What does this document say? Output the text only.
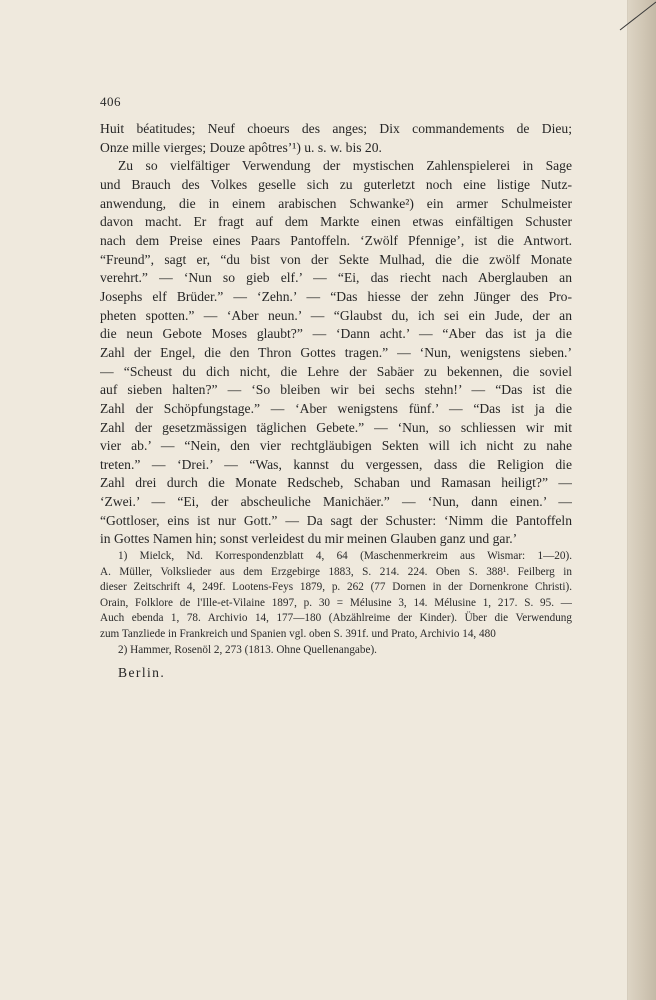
406
Huit béatitudes; Neuf choeurs des anges; Dix commandements de Dieu;
Onze mille vierges; Douze apôtres’¹) u. s. w. bis 20.
Zu so vielfältiger Verwendung der mystischen Zahlenspielerei in Sage
und Brauch des Volkes geselle sich zu guterletzt noch eine listige Nutz-
anwendung, die in einem arabischen Schwanke²) ein armer Schulmeister
davon macht. Er fragt auf dem Markte einen etwas einfältigen Schuster
nach dem Preise eines Paars Pantoffeln. ‘Zwölf Pfennige’, ist die Antwort.
“Freund”, sagt er, “du bist von der Sekte Mulhad, die die zwölf Monate
verehrt.” — ‘Nun so gieb elf.’ — “Ei, das riecht nach Aberglauben an
Josephs elf Brüder.” — ‘Zehn.’ — “Das hiesse der zehn Jünger des Pro-
pheten spotten.” — ‘Aber neun.’ — “Glaubst du, ich sei ein Jude, der an
die neun Gebote Moses glaubt?” — ‘Dann acht.’ — “Aber das ist ja die
Zahl der Engel, die den Thron Gottes tragen.” — ‘Nun, wenigstens sieben.’
— “Scheust du dich nicht, die Lehre der Sabäer zu bekennen, die soviel
auf sieben halten?” — ‘So bleiben wir bei sechs stehn!’ — “Das ist die
Zahl der Schöpfungstage.” — ‘Aber wenigstens fünf.’ — “Das ist ja die
Zahl der gesetzmässigen täglichen Gebete.” — ‘Nun, so schliessen wir mit
vier ab.’ — “Nein, den vier rechtgläubigen Sekten will ich nicht zu nahe
treten.” — ‘Drei.’ — “Was, kannst du vergessen, dass die Religion die
Zahl drei durch die Monate Redscheb, Schaban und Ramasan heiligt?” —
‘Zwei.’ — “Ei, der abscheuliche Manichäer.” — ‘Nun, dann einen.’ —
“Gottloser, eins ist nur Gott.” — Da sagt der Schuster: ‘Nimm die Pantoffeln
in Gottes Namen hin; sonst verleidest du mir meinen Glauben ganz und gar.’
1) Mielck, Nd. Korrespondenzblatt 4, 64 (Maschenmerkreim aus Wismar: 1—20).
A. Müller, Volkslieder aus dem Erzgebirge 1883, S. 214. 224. Oben S. 388¹. Feilberg in
dieser Zeitschrift 4, 249f. Lootens-Feys 1879, p. 262 (77 Dornen in der Dornenkrone Christi).
Orain, Folklore de l'Ille-et-Vilaine 1897, p. 30 = Mélusine 3, 14. Mélusine 1, 217. S. 95. —
Auch ebenda 1, 78. Archivio 14, 177—180 (Abzählreime der Kinder). Über die Verwendung
zum Tanzliede in Frankreich und Spanien vgl. oben S. 391f. und Prato, Archivio 14, 480
2) Hammer, Rosenöl 2, 273 (1813. Ohne Quellenangabe).
Berlin.
